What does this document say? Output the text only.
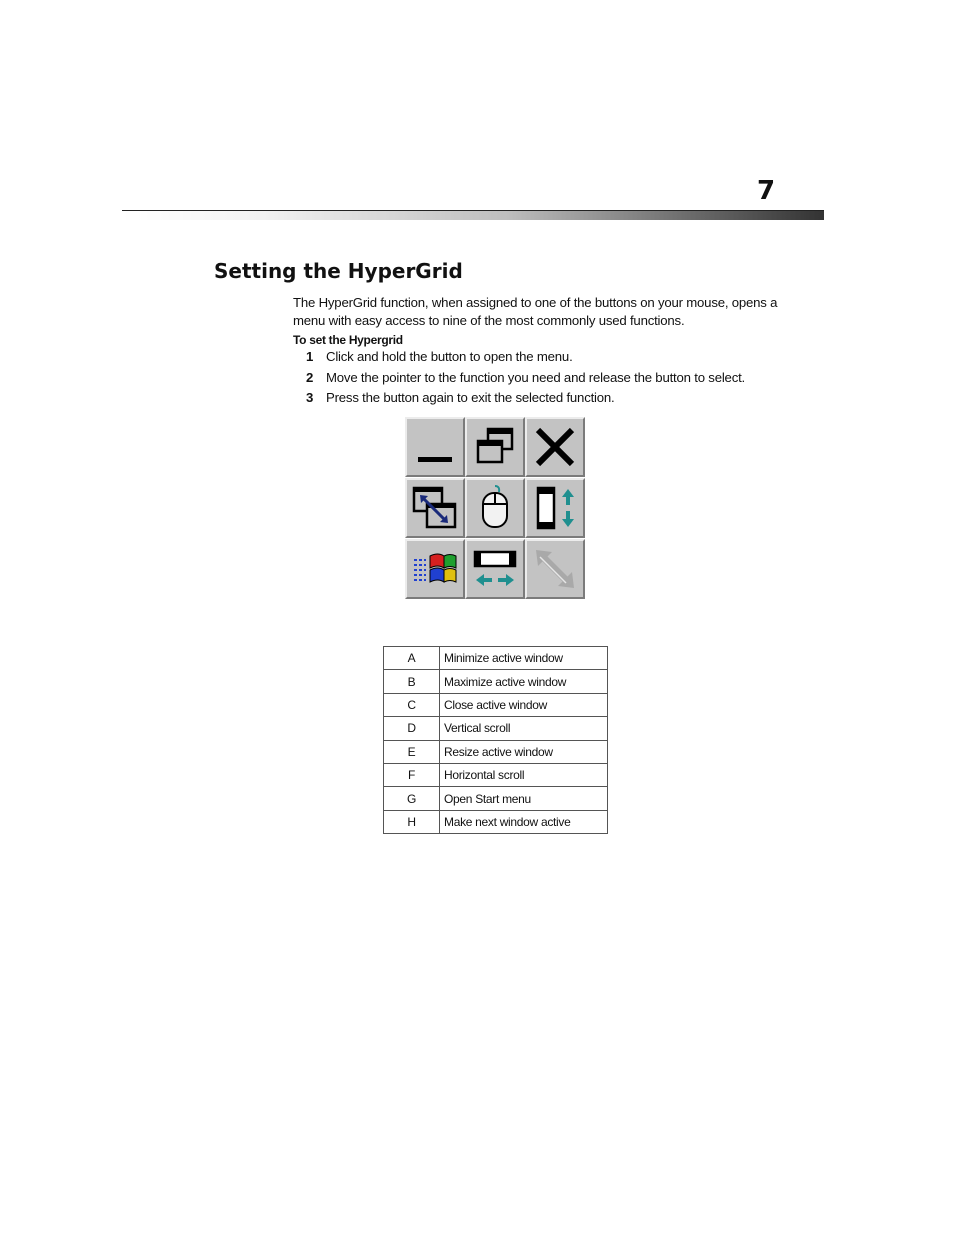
7
Setting the HyperGrid

The HyperGrid function, when assigned to one of the buttons on your mouse, opens a menu with easy access to nine of the most commonly used functions.

To set the Hypergrid
1 Click and hold the button to open the menu.
2 Move the pointer to the function you need and release the button to select.
3 Press the button again to exit the selected function.
A	Minimize active window
B	Maximize active window
C	Close active window
D	Vertical scroll
E	Resize active window
F	Horizontal scroll
G	Open Start menu
H	Make next window active
